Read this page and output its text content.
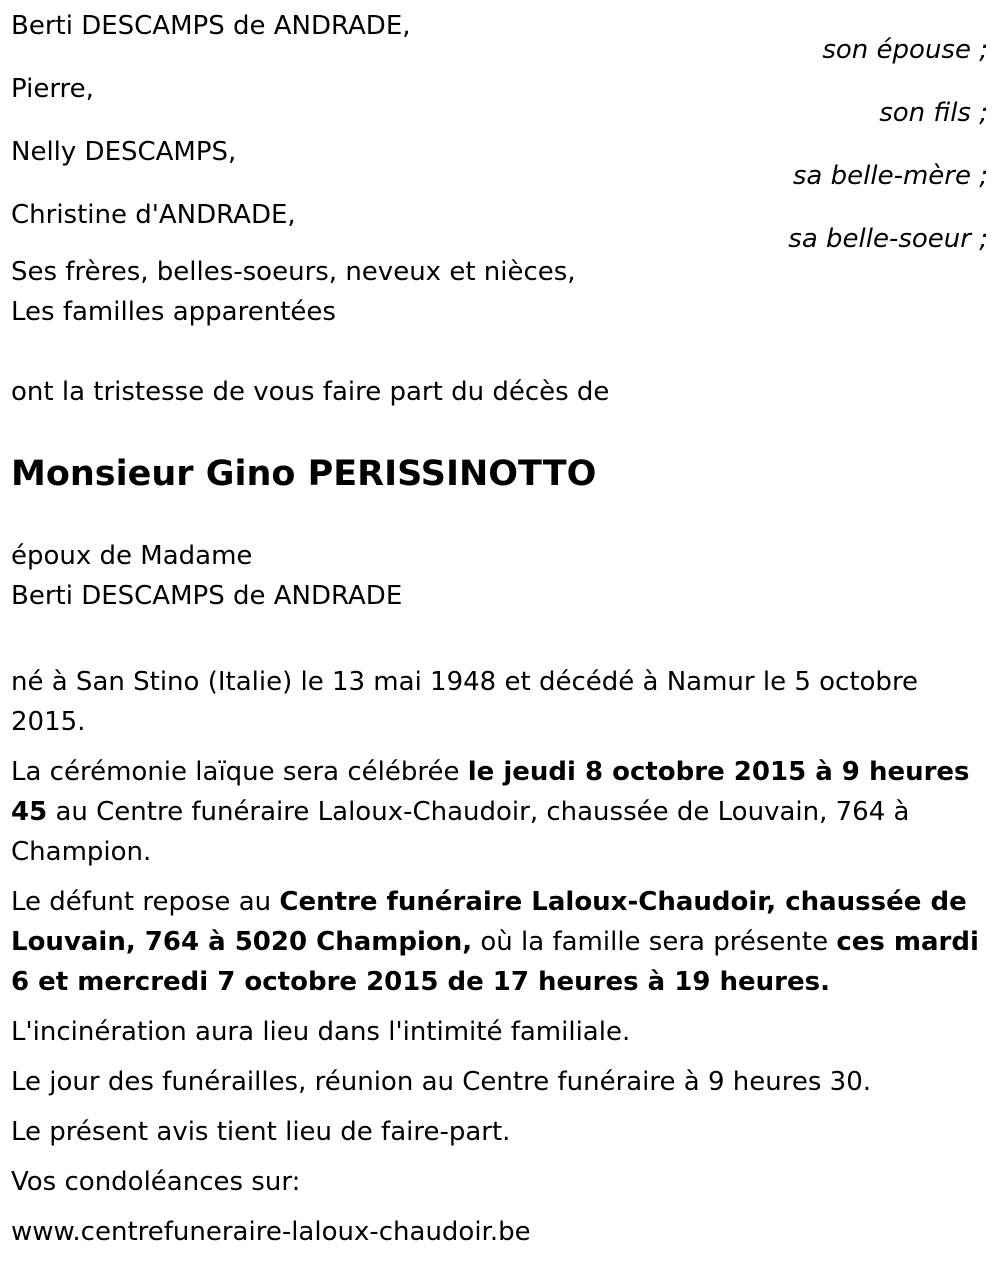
Berti DESCAMPS de ANDRADE,
son épouse ;
Pierre,
son fils ;
Nelly DESCAMPS,
sa belle-mère ;
Christine d'ANDRADE,
sa belle-soeur ;
Ses frères, belles-soeurs, neveux et nièces,
Les familles apparentées
ont la tristesse de vous faire part du décès de
Monsieur Gino PERISSINOTTO
époux de Madame
Berti DESCAMPS de ANDRADE
né à San Stino (Italie) le 13 mai 1948 et décédé à Namur le 5 octobre 2015.
La cérémonie laïque sera célébrée le jeudi 8 octobre 2015 à 9 heures 45 au Centre funéraire Laloux-Chaudoir, chaussée de Louvain, 764 à Champion.
Le défunt repose au Centre funéraire Laloux-Chaudoir, chaussée de Louvain, 764 à 5020 Champion, où la famille sera présente ces mardi 6 et mercredi 7 octobre 2015 de 17 heures à 19 heures.
L'incinération aura lieu dans l'intimité familiale.
Le jour des funérailles, réunion au Centre funéraire à 9 heures 30.
Le présent avis tient lieu de faire-part.
Vos condoléances sur:
www.centrefuneraire-laloux-chaudoir.be
